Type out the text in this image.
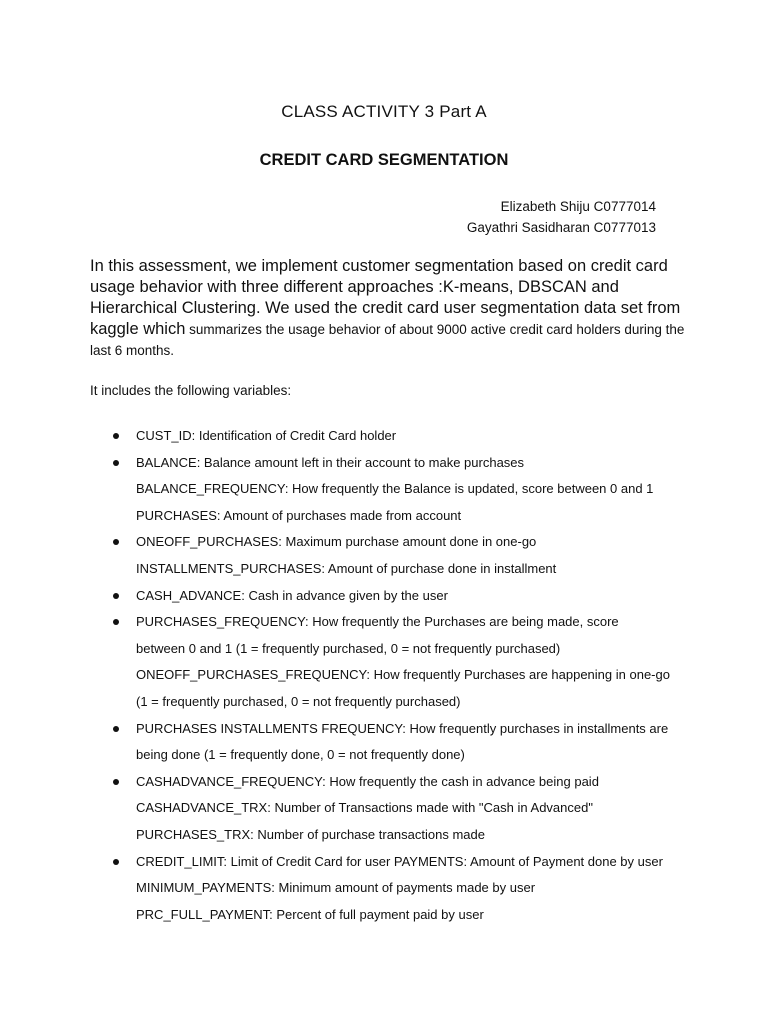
CLASS ACTIVITY 3 Part A
CREDIT CARD SEGMENTATION
Elizabeth Shiju C0777014
Gayathri Sasidharan C0777013

In this assessment, we implement customer segmentation based on credit card usage behavior with three different approaches :K-means, DBSCAN and Hierarchical Clustering. We used the credit card user segmentation data set from kaggle which summarizes the usage behavior of about 9000 active credit card holders during the last 6 months.

It includes the following variables:
CUST_ID: Identification of Credit Card holder
BALANCE: Balance amount left in their account to make purchases
BALANCE_FREQUENCY: How frequently the Balance is updated, score between 0 and 1
PURCHASES: Amount of purchases made from account
ONEOFF_PURCHASES: Maximum purchase amount done in one-go
INSTALLMENTS_PURCHASES: Amount of purchase done in installment
CASH_ADVANCE: Cash in advance given by the user
PURCHASES_FREQUENCY: How frequently the Purchases are being made, score
between 0 and 1 (1 = frequently purchased, 0 = not frequently purchased)
ONEOFF_PURCHASES_FREQUENCY: How frequently Purchases are happening in one-go
(1 = frequently purchased, 0 = not frequently purchased)
PURCHASES INSTALLMENTS FREQUENCY: How frequently purchases in installments are
being done (1 = frequently done, 0 = not frequently done)
CASHADVANCE_FREQUENCY: How frequently the cash in advance being paid
CASHADVANCE_TRX: Number of Transactions made with "Cash in Advanced"
PURCHASES_TRX: Number of purchase transactions made
CREDIT_LIMIT: Limit of Credit Card for user PAYMENTS: Amount of Payment done by user
MINIMUM_PAYMENTS: Minimum amount of payments made by user
PRC_FULL_PAYMENT: Percent of full payment paid by user
